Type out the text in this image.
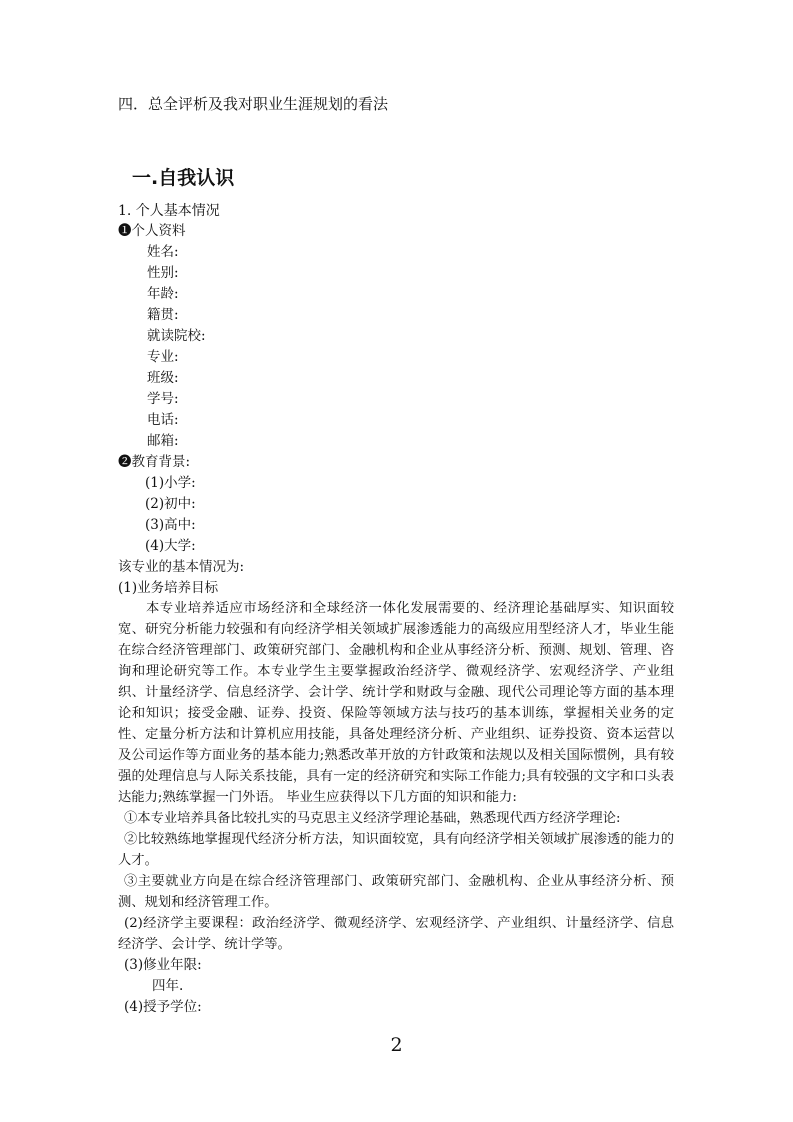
四．总全评析及我对职业生涯规划的看法
一.自我认识
1. 个人基本情况
❶个人资料
姓名:
性别:
年龄:
籍贯:
就读院校:
专业:
班级:
学号:
电话:
邮箱:
❷教育背景:
(1)小学:
(2)初中:
(3)高中:
(4)大学:
该专业的基本情况为:
(1)业务培养目标
本专业培养适应市场经济和全球经济一体化发展需要的、经济理论基础厚实、知识面较宽、研究分析能力较强和有向经济学相关领域扩展渗透能力的高级应用型经济人才，毕业生能在综合经济管理部门、政策研究部门、金融机构和企业从事经济分析、预测、规划、管理、咨询和理论研究等工作。本专业学生主要掌握政治经济学、微观经济学、宏观经济学、产业组织、计量经济学、信息经济学、会计学、统计学和财政与金融、现代公司理论等方面的基本理论和知识；接受金融、证券、投资、保险等领域方法与技巧的基本训练，掌握相关业务的定性、定量分析方法和计算机应用技能，具备处理经济分析、产业组织、证券投资、资本运营以及公司运作等方面业务的基本能力;熟悉改革开放的方针政策和法规以及相关国际惯例，具有较强的处理信息与人际关系技能，具有一定的经济研究和实际工作能力;具有较强的文字和口头表达能力;熟练掌握一门外语。 毕业生应获得以下几方面的知识和能力:
①本专业培养具备比较扎实的马克思主义经济学理论基础，熟悉现代西方经济学理论:
②比较熟练地掌握现代经济分析方法，知识面较宽，具有向经济学相关领域扩展渗透的能力的人才。
③主要就业方向是在综合经济管理部门、政策研究部门、金融机构、企业从事经济分析、预测、规划和经济管理工作。
(2)经济学主要课程：政治经济学、微观经济学、宏观经济学、产业组织、计量经济学、信息经济学、会计学、统计学等。
(3)修业年限:
四年.
(4)授予学位:
2
